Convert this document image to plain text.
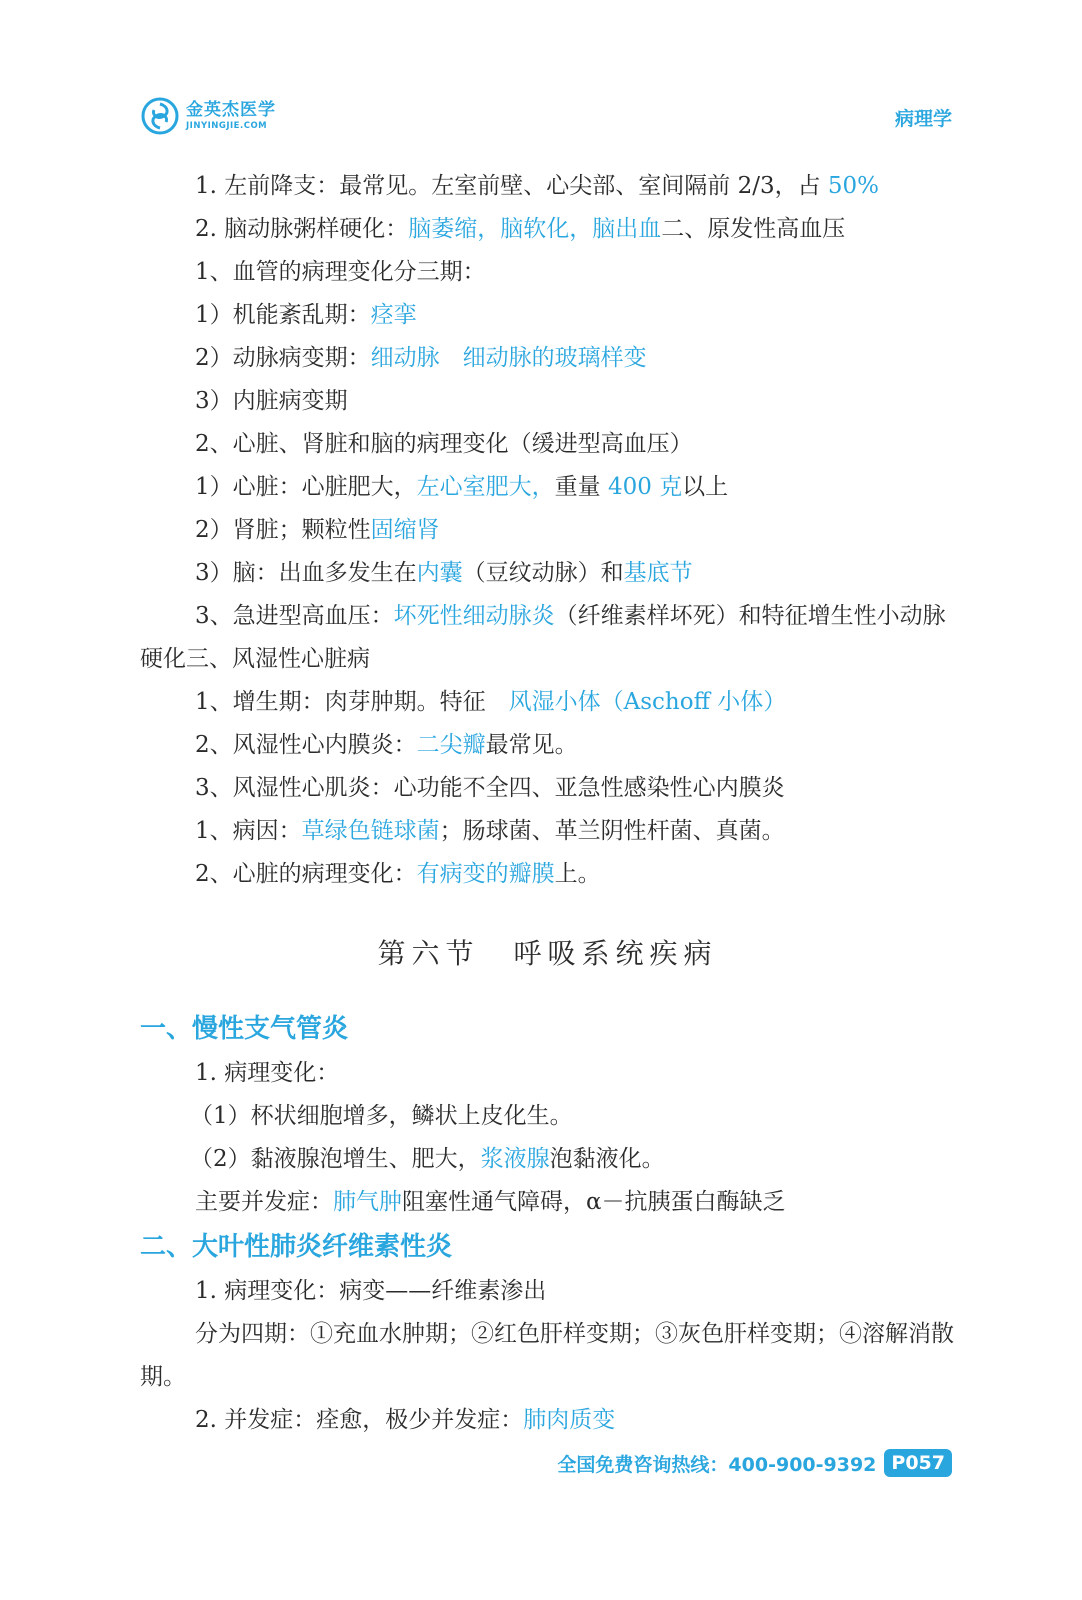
金英杰医学
JINYINGJIE.COM	病理学

1. 左前降支：最常见。左室前壁、心尖部、室间隔前 2/3，占 50%

2. 脑动脉粥样硬化：脑萎缩，脑软化，脑出血二、原发性高血压

1、血管的病理变化分三期：

1）机能紊乱期：痉挛

2）动脉病变期：细动脉　细动脉的玻璃样变

3）内脏病变期

2、心脏、肾脏和脑的病理变化（缓进型高血压）

1）心脏：心脏肥大，左心室肥大，重量 400 克以上

2）肾脏；颗粒性固缩肾

3）脑：出血多发生在内囊（豆纹动脉）和基底节

3、急进型高血压：坏死性细动脉炎（纤维素样坏死）和特征增生性小动脉硬化三、风湿性心脏病

1、增生期：肉芽肿期。特征　风湿小体（Aschoff 小体）

2、风湿性心内膜炎：二尖瓣最常见。

3、风湿性心肌炎：心功能不全四、亚急性感染性心内膜炎

1、病因：草绿色链球菌；肠球菌、革兰阴性杆菌、真菌。

2、心脏的病理变化：有病变的瓣膜上。

第六节　呼吸系统疾病
一、慢性支气管炎

1. 病理变化：

（1）杯状细胞增多，鳞状上皮化生。

（2）黏液腺泡增生、肥大，浆液腺泡黏液化。

主要并发症：肺气肿阻塞性通气障碍，α－抗胰蛋白酶缺乏

二、大叶性肺炎纤维素性炎

1. 病理变化：病变——纤维素渗出

分为四期：①充血水肿期；②红色肝样变期；③灰色肝样变期；④溶解消散期。

2. 并发症：痊愈，极少并发症：肺肉质变

全国免费咨询热线：400-900-9392 P057
